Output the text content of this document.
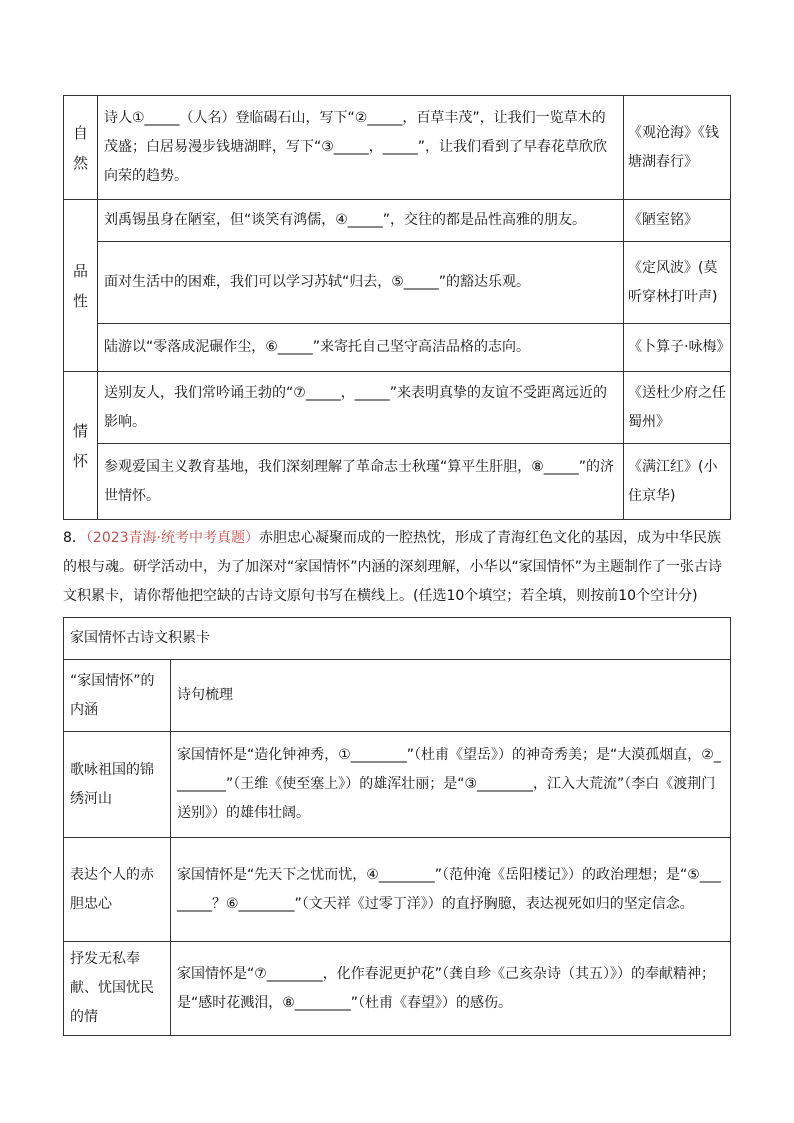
自然	诗人①_____（人名）登临碣石山，写下“②_____，百草丰茂”，让我们一览草木的茂盛；白居易漫步钱塘湖畔，写下“③_____，_____”，让我们看到了早春花草欣欣向荣的趋势。	《观沧海》《钱塘湖春行》
品性	刘禹锡虽身在陋室，但“谈笑有鸿儒，④_____”，交往的都是品性高雅的朋友。	《陋室铭》
	面对生活中的困难，我们可以学习苏轼“归去，⑤_____”的豁达乐观。	《定风波》(莫听穿林打叶声)
	陆游以“零落成泥碾作尘，⑥_____”来寄托自己坚守高洁品格的志向。	《卜算子·咏梅》
情怀	送别友人，我们常吟诵王勃的“⑦_____，_____”来表明真挚的友谊不受距离远近的影响。	《送杜少府之任蜀州》
	参观爱国主义教育基地，我们深刻理解了革命志士秋瑾“算平生肝胆，⑧_____”的济世情怀。	《满江红》(小住京华)
8．（2023青海·统考中考真题）赤胆忠心凝聚而成的一腔热忱，形成了青海红色文化的基因，成为中华民族的根与魂。研学活动中，为了加深对“家国情怀”内涵的深刻理解，小华以“家国情怀”为主题制作了一张古诗文积累卡，请你帮他把空缺的古诗文原句书写在横线上。(任选10个填空；若全填，则按前10个空计分)
家国情怀古诗文积累卡	
“家国情怀”的内涵	诗句梳理
歌咏祖国的锦绣河山	家国情怀是“造化钟神秀，①________”（杜甫《望岳》）的神奇秀美；是“大漠孤烟直，②________”（王维《使至塞上》）的雄浑壮丽；是“③________，江入大荒流”（李白《渡荆门送别》）的雄伟壮阔。
表达个人的赤胆忠心	家国情怀是“先天下之忧而忧，④________”（范仲淹《岳阳楼记》）的政治理想；是“⑤________？⑥________”（文天祥《过零丁洋》）的直抒胸臆，表达视死如归的坚定信念。
抒发无私奉献、忧国忧民的情	家国情怀是“⑦________，化作春泥更护花”（龚自珍《己亥杂诗（其五）》）的奉献精神；是“感时花溅泪，⑧________”（杜甫《春望》）的感伤。
